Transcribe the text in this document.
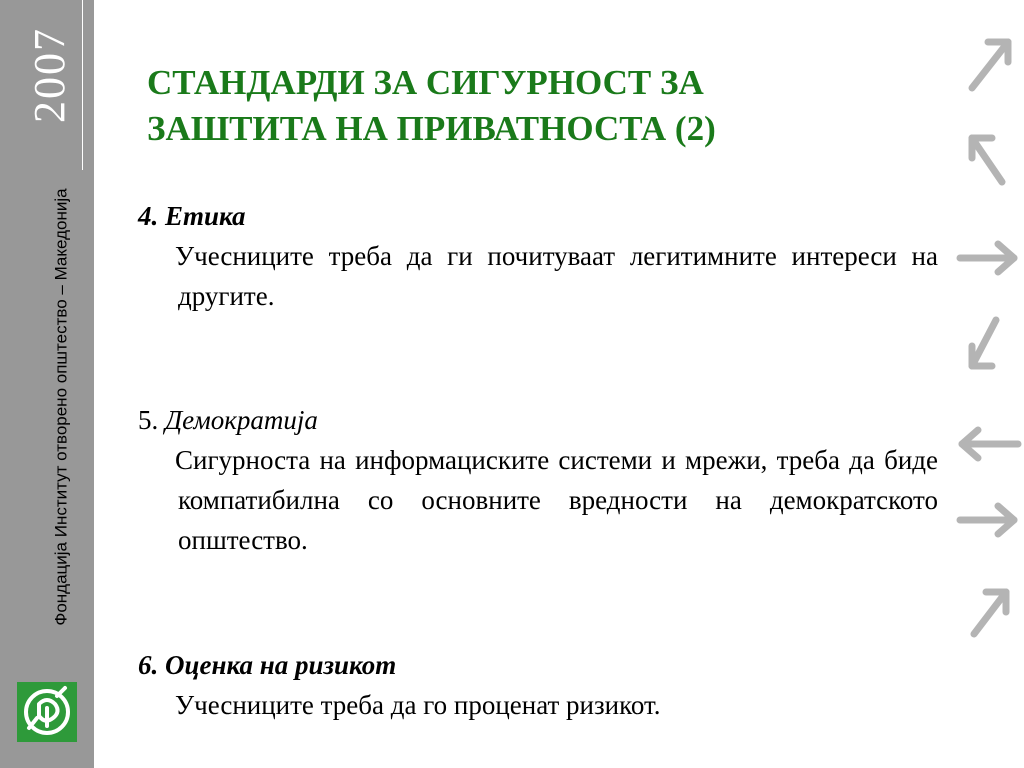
2007
Фондација Институт отворено општество – Македонија
СТАНДАРДИ ЗА СИГУРНОСТ ЗА
ЗАШТИТА НА ПРИВАТНОСТА (2)
4. Етика
Учесниците треба да ги почитуваат легитимните интереси на другите.
5. Демократија
Сигурноста на информациските системи и мрежи, треба да биде компатибилна со основните вредности на демократското општество.
6. Оценка на ризикот
Учесниците треба да го проценат ризикот.
